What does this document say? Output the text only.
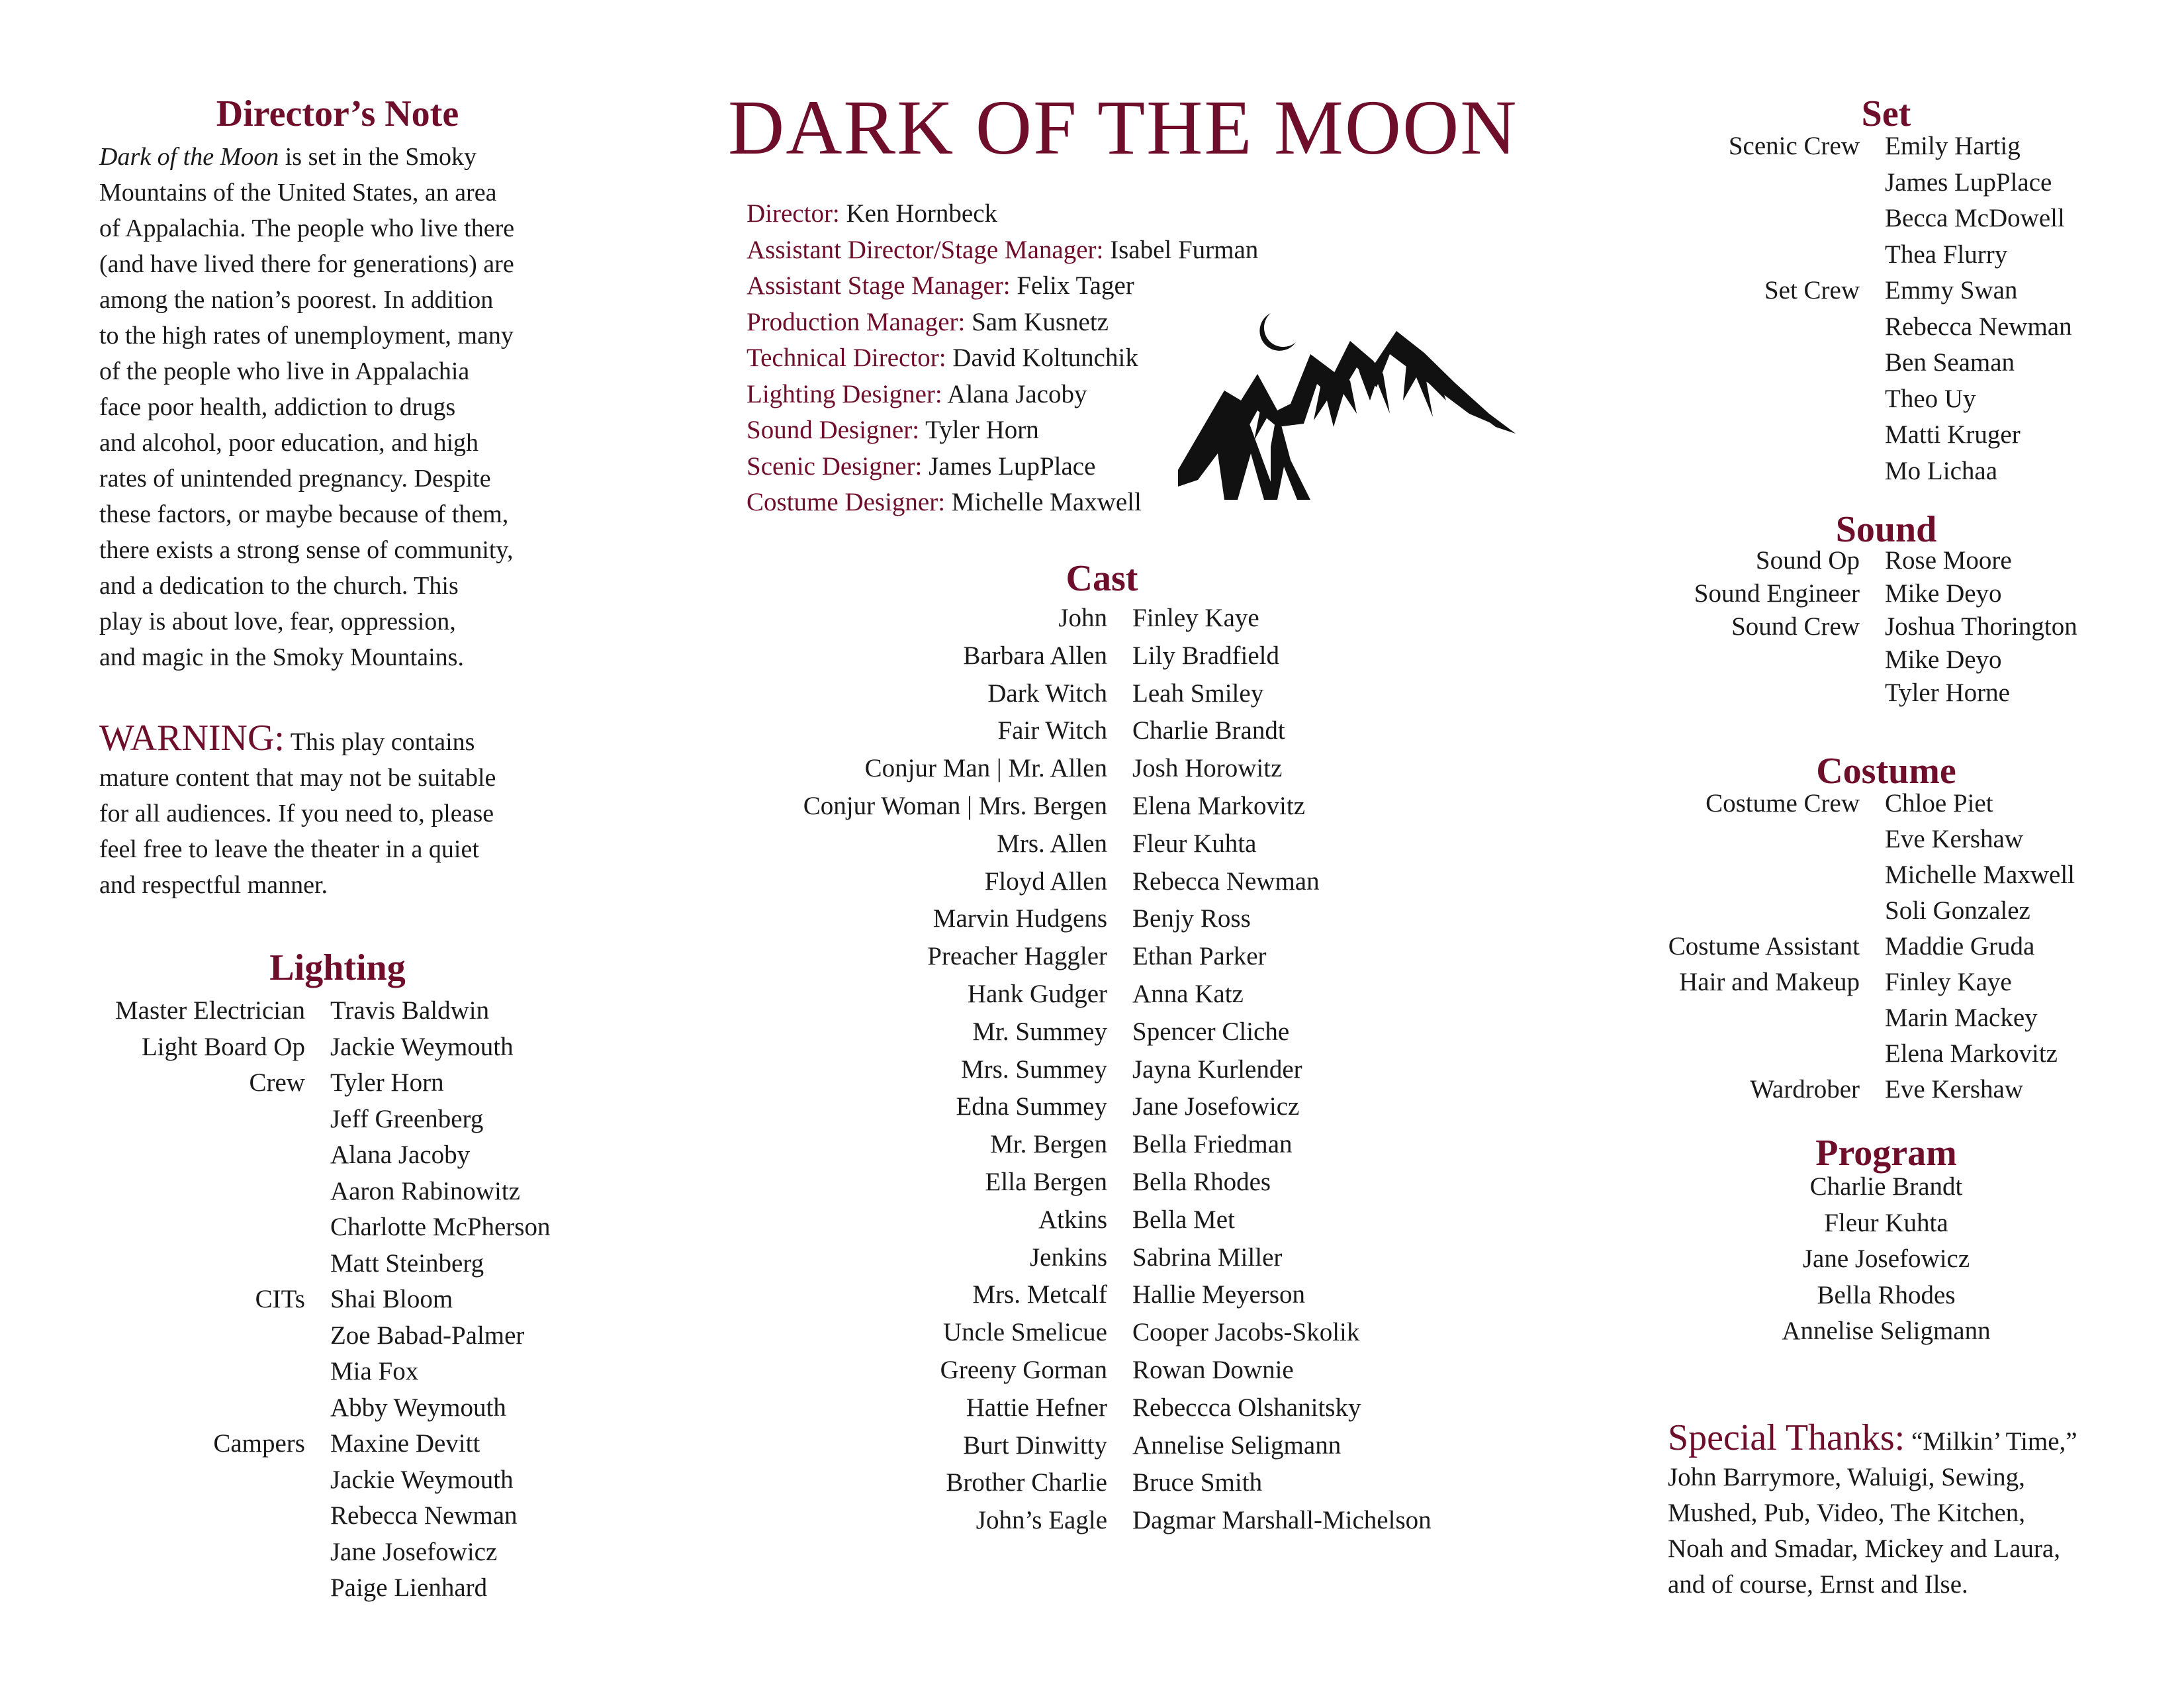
Director’s Note
Dark of the Moon is set in the Smoky
Mountains of the United States, an area
of Appalachia. The people who live there
(and have lived there for generations) are
among the nation’s poorest. In addition
to the high rates of unemployment, many
of the people who live in Appalachia
face poor health, addiction to drugs
and alcohol, poor education, and high
rates of unintended pregnancy. Despite
these factors, or maybe because of them,
there exists a strong sense of community,
and a dedication to the church. This
play is about love, fear, oppression,
and magic in the Smoky Mountains.
WARNING: This play contains
mature content that may not be suitable
for all audiences. If you need to, please
feel free to leave the theater in a quiet
and respectful manner.
Lighting
Master Electrician Travis Baldwin
Light Board Op Jackie Weymouth
Crew Tyler Horn
Jeff Greenberg
Alana Jacoby
Aaron Rabinowitz
Charlotte McPherson
Matt Steinberg
CITs Shai Bloom
Zoe Babad-Palmer
Mia Fox
Abby Weymouth
Campers Maxine Devitt
Jackie Weymouth
Rebecca Newman
Jane Josefowicz
Paige Lienhard
DARK OF THE MOON
Director: Ken Hornbeck
Assistant Director/Stage Manager: Isabel Furman
Assistant Stage Manager: Felix Tager
Production Manager: Sam Kusnetz
Technical Director: David Koltunchik
Lighting Designer: Alana Jacoby
Sound Designer: Tyler Horn
Scenic Designer: James LupPlace
Costume Designer: Michelle Maxwell
Cast
John Finley Kaye
Barbara Allen Lily Bradfield
Dark Witch Leah Smiley
Fair Witch Charlie Brandt
Conjur Man | Mr. Allen Josh Horowitz
Conjur Woman | Mrs. Bergen Elena Markovitz
Mrs. Allen Fleur Kuhta
Floyd Allen Rebecca Newman
Marvin Hudgens Benjy Ross
Preacher Haggler Ethan Parker
Hank Gudger Anna Katz
Mr. Summey Spencer Cliche
Mrs. Summey Jayna Kurlender
Edna Summey Jane Josefowicz
Mr. Bergen Bella Friedman
Ella Bergen Bella Rhodes
Atkins Bella Met
Jenkins Sabrina Miller
Mrs. Metcalf Hallie Meyerson
Uncle Smelicue Cooper Jacobs-Skolik
Greeny Gorman Rowan Downie
Hattie Hefner Rebeccca Olshanitsky
Burt Dinwitty Annelise Seligmann
Brother Charlie Bruce Smith
John’s Eagle Dagmar Marshall-Michelson
Set
Scenic Crew Emily Hartig
James LupPlace
Becca McDowell
Thea Flurry
Set Crew Emmy Swan
Rebecca Newman
Ben Seaman
Theo Uy
Matti Kruger
Mo Lichaa
Sound
Sound Op Rose Moore
Sound Engineer Mike Deyo
Sound Crew Joshua Thorington
Mike Deyo
Tyler Horne
Costume
Costume Crew Chloe Piet
Eve Kershaw
Michelle Maxwell
Soli Gonzalez
Costume Assistant Maddie Gruda
Hair and Makeup Finley Kaye
Marin Mackey
Elena Markovitz
Wardrober Eve Kershaw
Program
Charlie Brandt
Fleur Kuhta
Jane Josefowicz
Bella Rhodes
Annelise Seligmann
Special Thanks: “Milkin’ Time,”
John Barrymore, Waluigi, Sewing,
Mushed, Pub, Video, The Kitchen,
Noah and Smadar, Mickey and Laura,
and of course, Ernst and Ilse.
